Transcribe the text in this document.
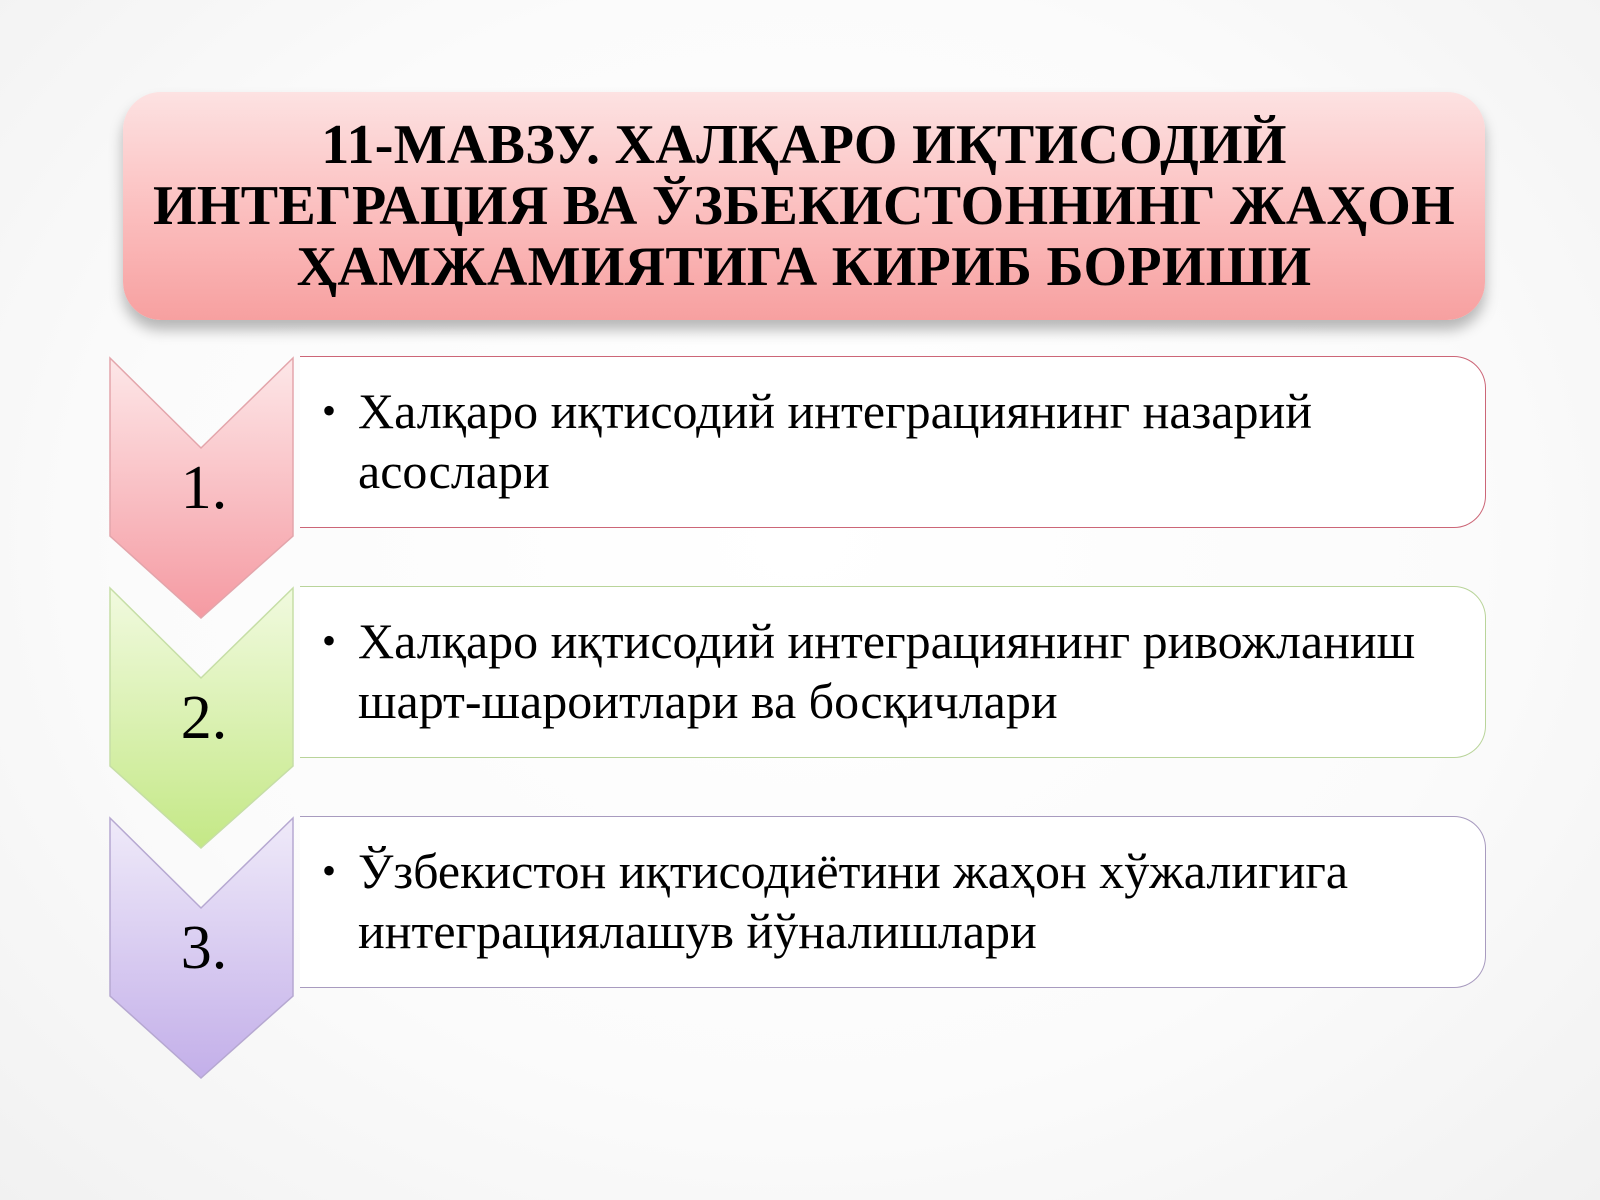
11-МАВЗУ. ХАЛҚАРО ИҚТИСОДИЙ ИНТЕГРАЦИЯ ВА ЎЗБЕКИСТОННИНГ ЖАҲОН ҲАМЖАМИЯТИГА КИРИБ БОРИШИ
1.
• Халқаро иқтисодий интеграциянинг назарий асослари
2.
• Халқаро иқтисодий интеграциянинг ривожланиш шарт-шароитлари ва босқичлари
3.
• Ўзбекистон иқтисодиётини жаҳон хўжалигига интеграциялашув йўналишлари
